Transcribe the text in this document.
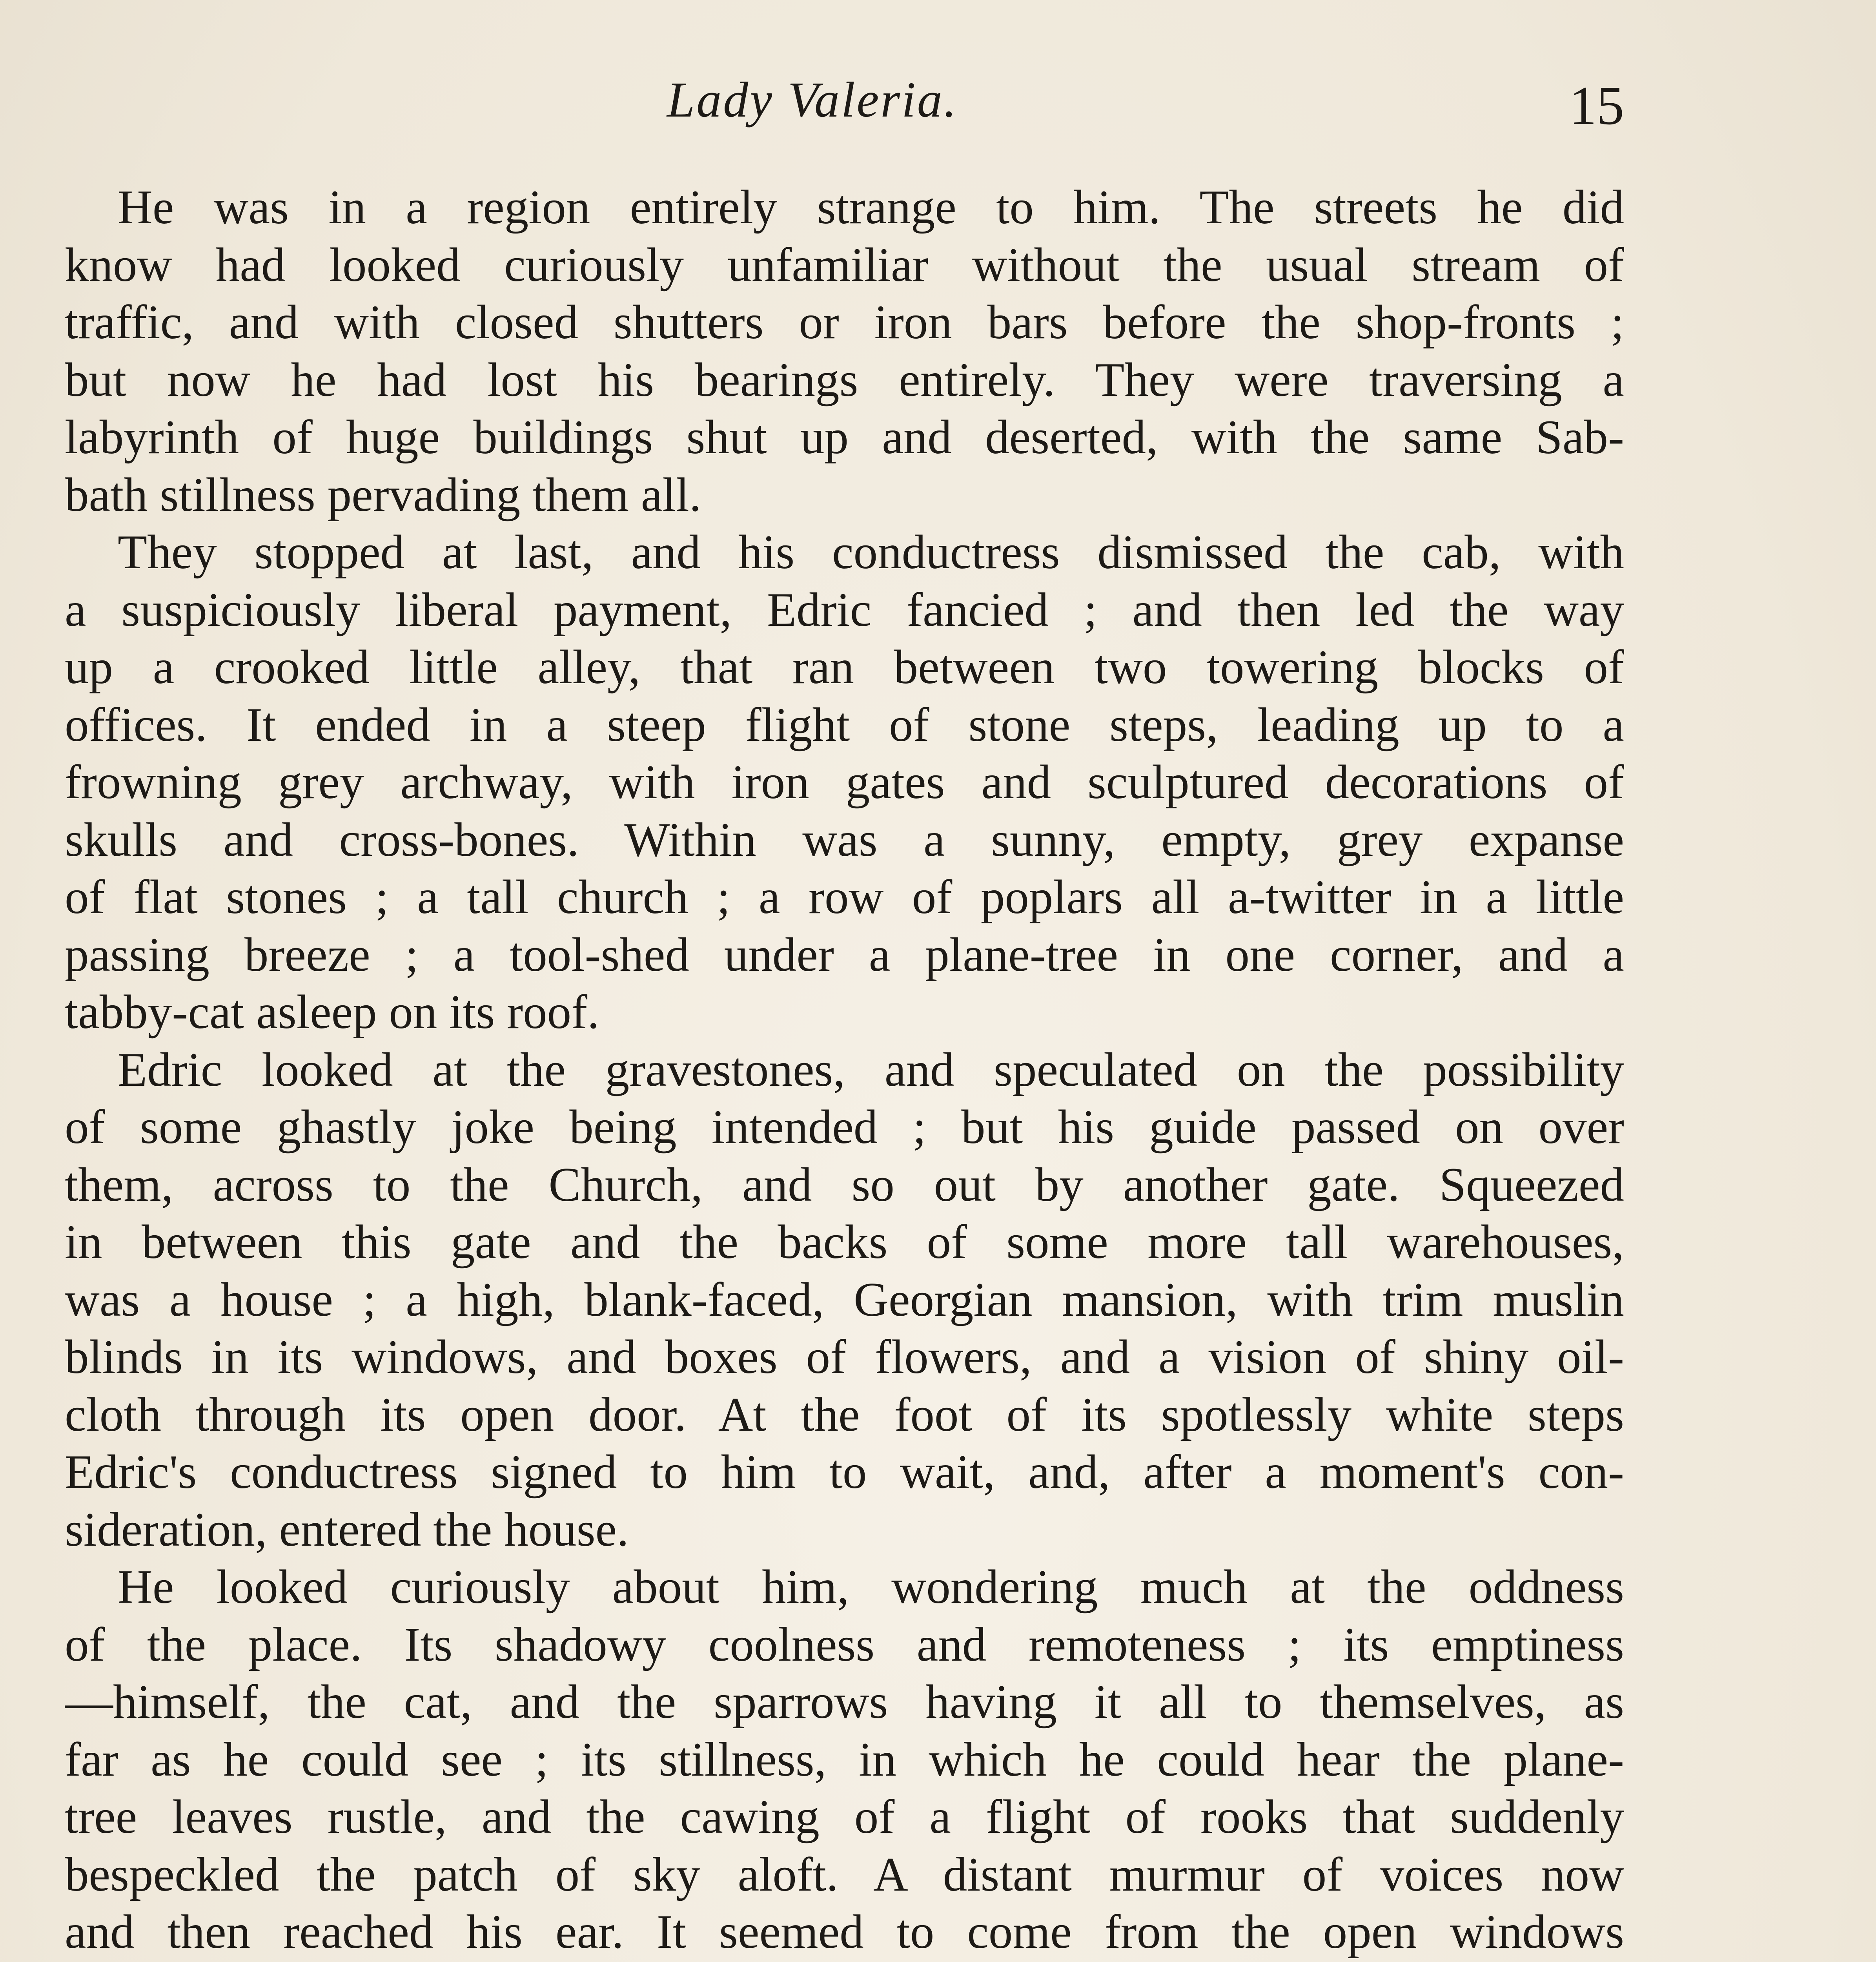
Lady Valeria.	15
He was in a region entirely strange to him. The streets he did
know had looked curiously unfamiliar without the usual stream of
traffic, and with closed shutters or iron bars before the shop-fronts ;
but now he had lost his bearings entirely. They were traversing a
labyrinth of huge buildings shut up and deserted, with the same Sab-
bath stillness pervading them all.
They stopped at last, and his conductress dismissed the cab, with
a suspiciously liberal payment, Edric fancied ; and then led the way
up a crooked little alley, that ran between two towering blocks of
offices. It ended in a steep flight of stone steps, leading up to a
frowning grey archway, with iron gates and sculptured decorations of
skulls and cross-bones. Within was a sunny, empty, grey expanse
of flat stones ; a tall church ; a row of poplars all a-twitter in a little
passing breeze ; a tool-shed under a plane-tree in one corner, and a
tabby-cat asleep on its roof.
Edric looked at the gravestones, and speculated on the possibility
of some ghastly joke being intended ; but his guide passed on over
them, across to the Church, and so out by another gate. Squeezed
in between this gate and the backs of some more tall warehouses,
was a house ; a high, blank-faced, Georgian mansion, with trim muslin
blinds in its windows, and boxes of flowers, and a vision of shiny oil-
cloth through its open door. At the foot of its spotlessly white steps
Edric's conductress signed to him to wait, and, after a moment's con-
sideration, entered the house.
He looked curiously about him, wondering much at the oddness
of the place. Its shadowy coolness and remoteness ; its emptiness
—himself, the cat, and the sparrows having it all to themselves, as
far as he could see ; its stillness, in which he could hear the plane-
tree leaves rustle, and the cawing of a flight of rooks that suddenly
bespeckled the patch of sky aloft. A distant murmur of voices now
and then reached his ear. It seemed to come from the open windows
